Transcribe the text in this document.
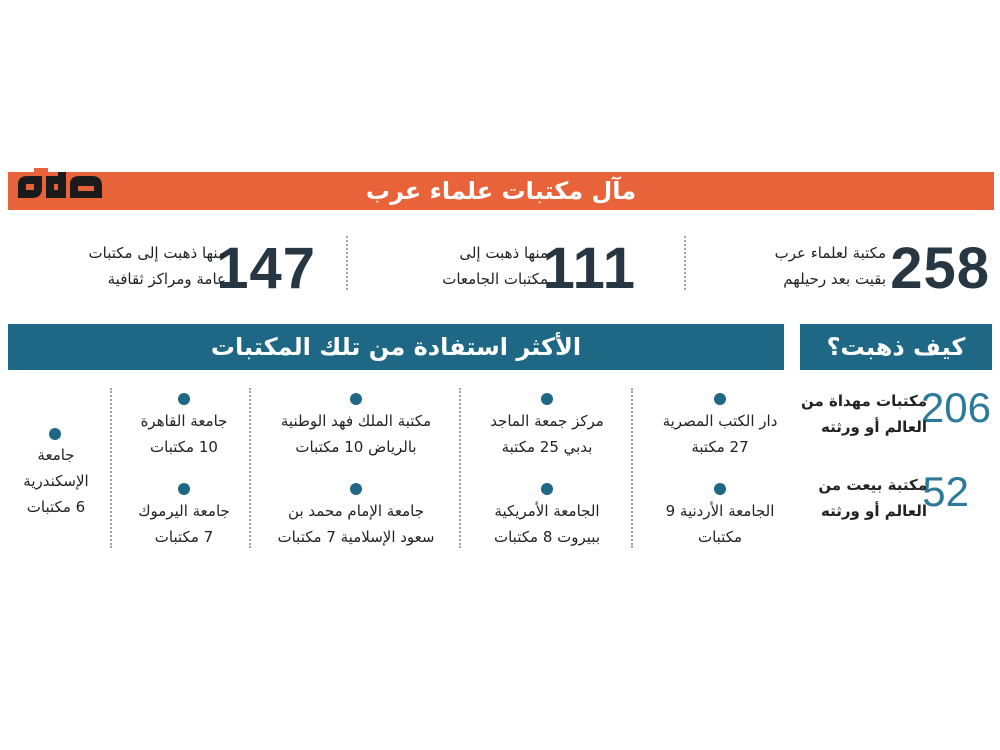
مآل مكتبات علماء عرب
258
مكتبة لعلماء عرب
بقيت بعد رحيلهم
111
منها ذهبت إلى
مكتبات الجامعات
147
منها ذهبت إلى مكتبات
عامة ومراكز ثقافية
كيف ذهبت؟
الأكثر استفادة من تلك المكتبات
206
مكتبات مهداة من
العالم أو ورثته
52
مكتبة بيعت من
العالم أو ورثته
دار الكتب المصرية
27 مكتبة
الجامعة الأردنية 9
مكتبات
مركز جمعة الماجد
بدبي 25 مكتبة
الجامعة الأمريكية
ببيروت 8 مكتبات
مكتبة الملك فهد الوطنية
بالرياض 10 مكتبات
جامعة الإمام محمد بن
سعود الإسلامية 7 مكتبات
جامعة القاهرة
10 مكتبات
جامعة اليرموك
7 مكتبات
جامعة
الإسكندرية
6 مكتبات
